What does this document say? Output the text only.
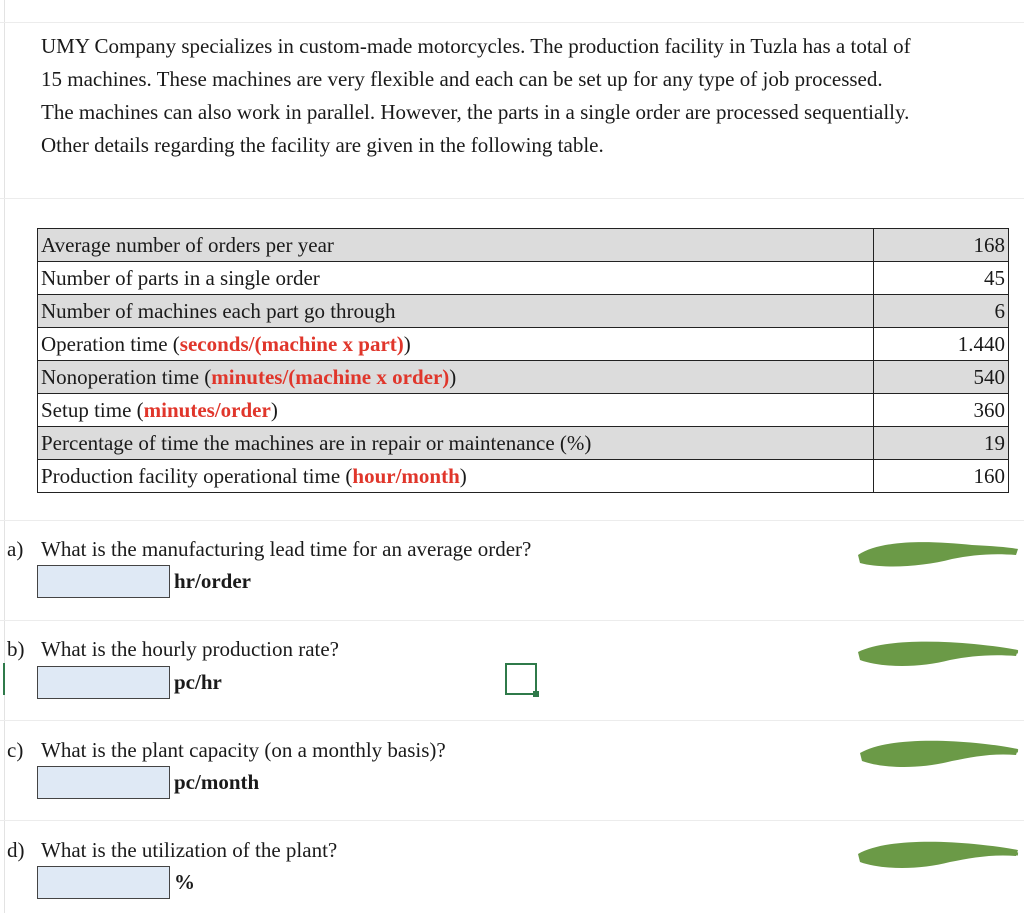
UMY Company specializes in custom-made motorcycles. The production facility in Tuzla has a total of
15 machines. These machines are very flexible and each can be set up for any type of job processed.
The machines can also work in parallel. However, the parts in a single order are processed sequentially.
Other details regarding the facility are given in the following table.
Average number of orders per year	168
Number of parts in a single order	45
Number of machines each part go through	6
Operation time (seconds/(machine x part))	1.440
Nonoperation time (minutes/(machine x order))	540
Setup time (minutes/order)	360
Percentage of time the machines are in repair or maintenance (%)	19
Production facility operational time (hour/month)	160
a) What is the manufacturing lead time for an average order?
hr/order
b) What is the hourly production rate?
pc/hr
c) What is the plant capacity (on a monthly basis)?
pc/month
d) What is the utilization of the plant?
%
